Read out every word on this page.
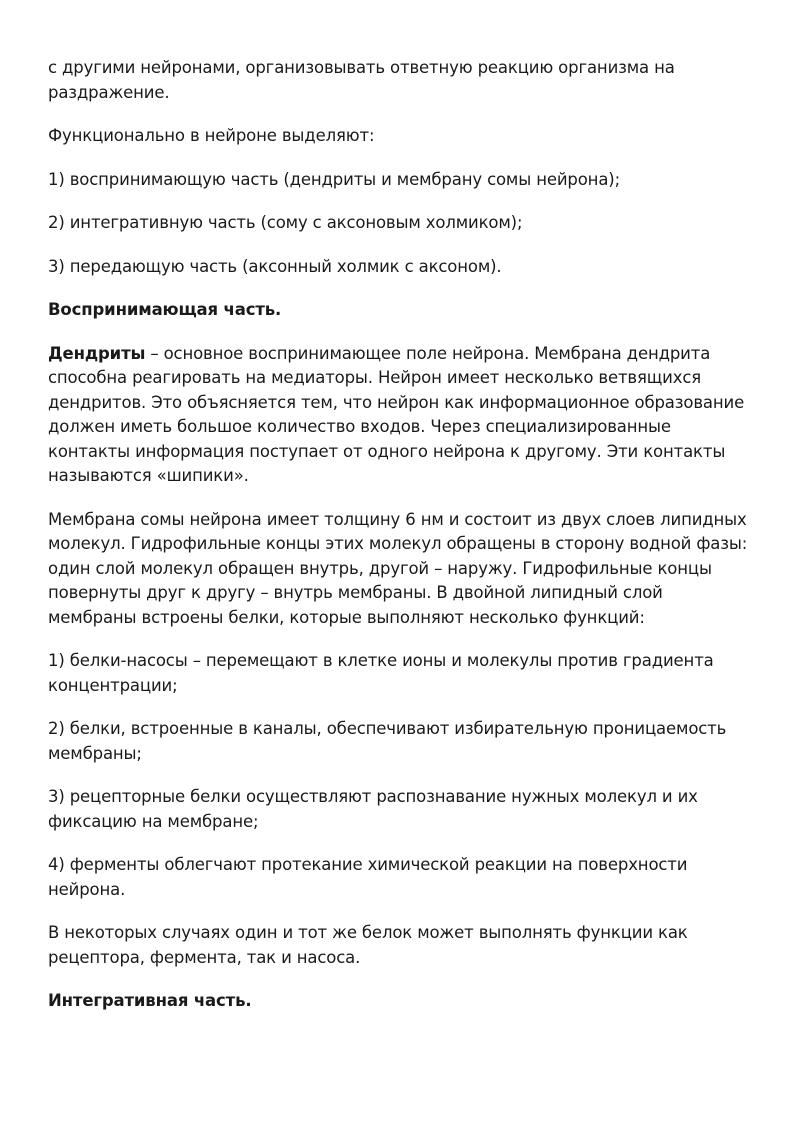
с другими нейронами, организовывать ответную реакцию организма на раздражение.

Функционально в нейроне выделяют:

1) воспринимающую часть (дендриты и мембрану сомы нейрона);

2) интегративную часть (сому с аксоновым холмиком);

3) передающую часть (аксонный холмик с аксоном).

Воспринимающая часть.

Дендриты – основное воспринимающее поле нейрона. Мембрана дендрита способна реагировать на медиаторы. Нейрон имеет несколько ветвящихся дендритов. Это объясняется тем, что нейрон как информационное образование должен иметь большое количество входов. Через специализированные контакты информация поступает от одного нейрона к другому. Эти контакты называются «шипики».

Мембрана сомы нейрона имеет толщину 6 нм и состоит из двух слоев липидных молекул. Гидрофильные концы этих молекул обращены в сторону водной фазы: один слой молекул обращен внутрь, другой – наружу. Гидрофильные концы повернуты друг к другу – внутрь мембраны. В двойной липидный слой мембраны встроены белки, которые выполняют несколько функций:

1) белки-насосы – перемещают в клетке ионы и молекулы против градиента концентрации;

2) белки, встроенные в каналы, обеспечивают избирательную проницаемость мембраны;

3) рецепторные белки осуществляют распознавание нужных молекул и их фиксацию на мембране;

4) ферменты облегчают протекание химической реакции на поверхности нейрона.

В некоторых случаях один и тот же белок может выполнять функции как рецептора, фермента, так и насоса.

Интегративная часть.
